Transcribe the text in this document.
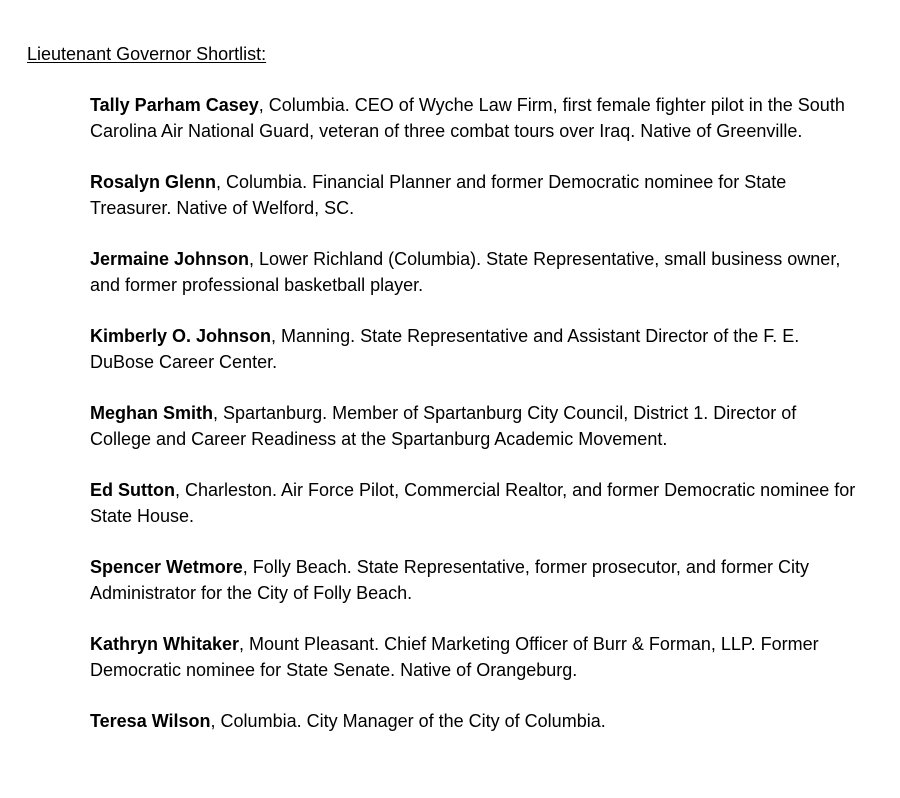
Lieutenant Governor Shortlist:
Tally Parham Casey, Columbia. CEO of Wyche Law Firm, first female fighter pilot in the South Carolina Air National Guard, veteran of three combat tours over Iraq. Native of Greenville.
Rosalyn Glenn, Columbia. Financial Planner and former Democratic nominee for State Treasurer. Native of Welford, SC.
Jermaine Johnson, Lower Richland (Columbia). State Representative, small business owner, and former professional basketball player.
Kimberly O. Johnson, Manning. State Representative and Assistant Director of the F. E. DuBose Career Center.
Meghan Smith, Spartanburg. Member of Spartanburg City Council, District 1. Director of College and Career Readiness at the Spartanburg Academic Movement.
Ed Sutton, Charleston. Air Force Pilot, Commercial Realtor, and former Democratic nominee for State House.
Spencer Wetmore, Folly Beach. State Representative, former prosecutor, and former City Administrator for the City of Folly Beach.
Kathryn Whitaker, Mount Pleasant. Chief Marketing Officer of Burr & Forman, LLP. Former Democratic nominee for State Senate. Native of Orangeburg.
Teresa Wilson, Columbia. City Manager of the City of Columbia.
